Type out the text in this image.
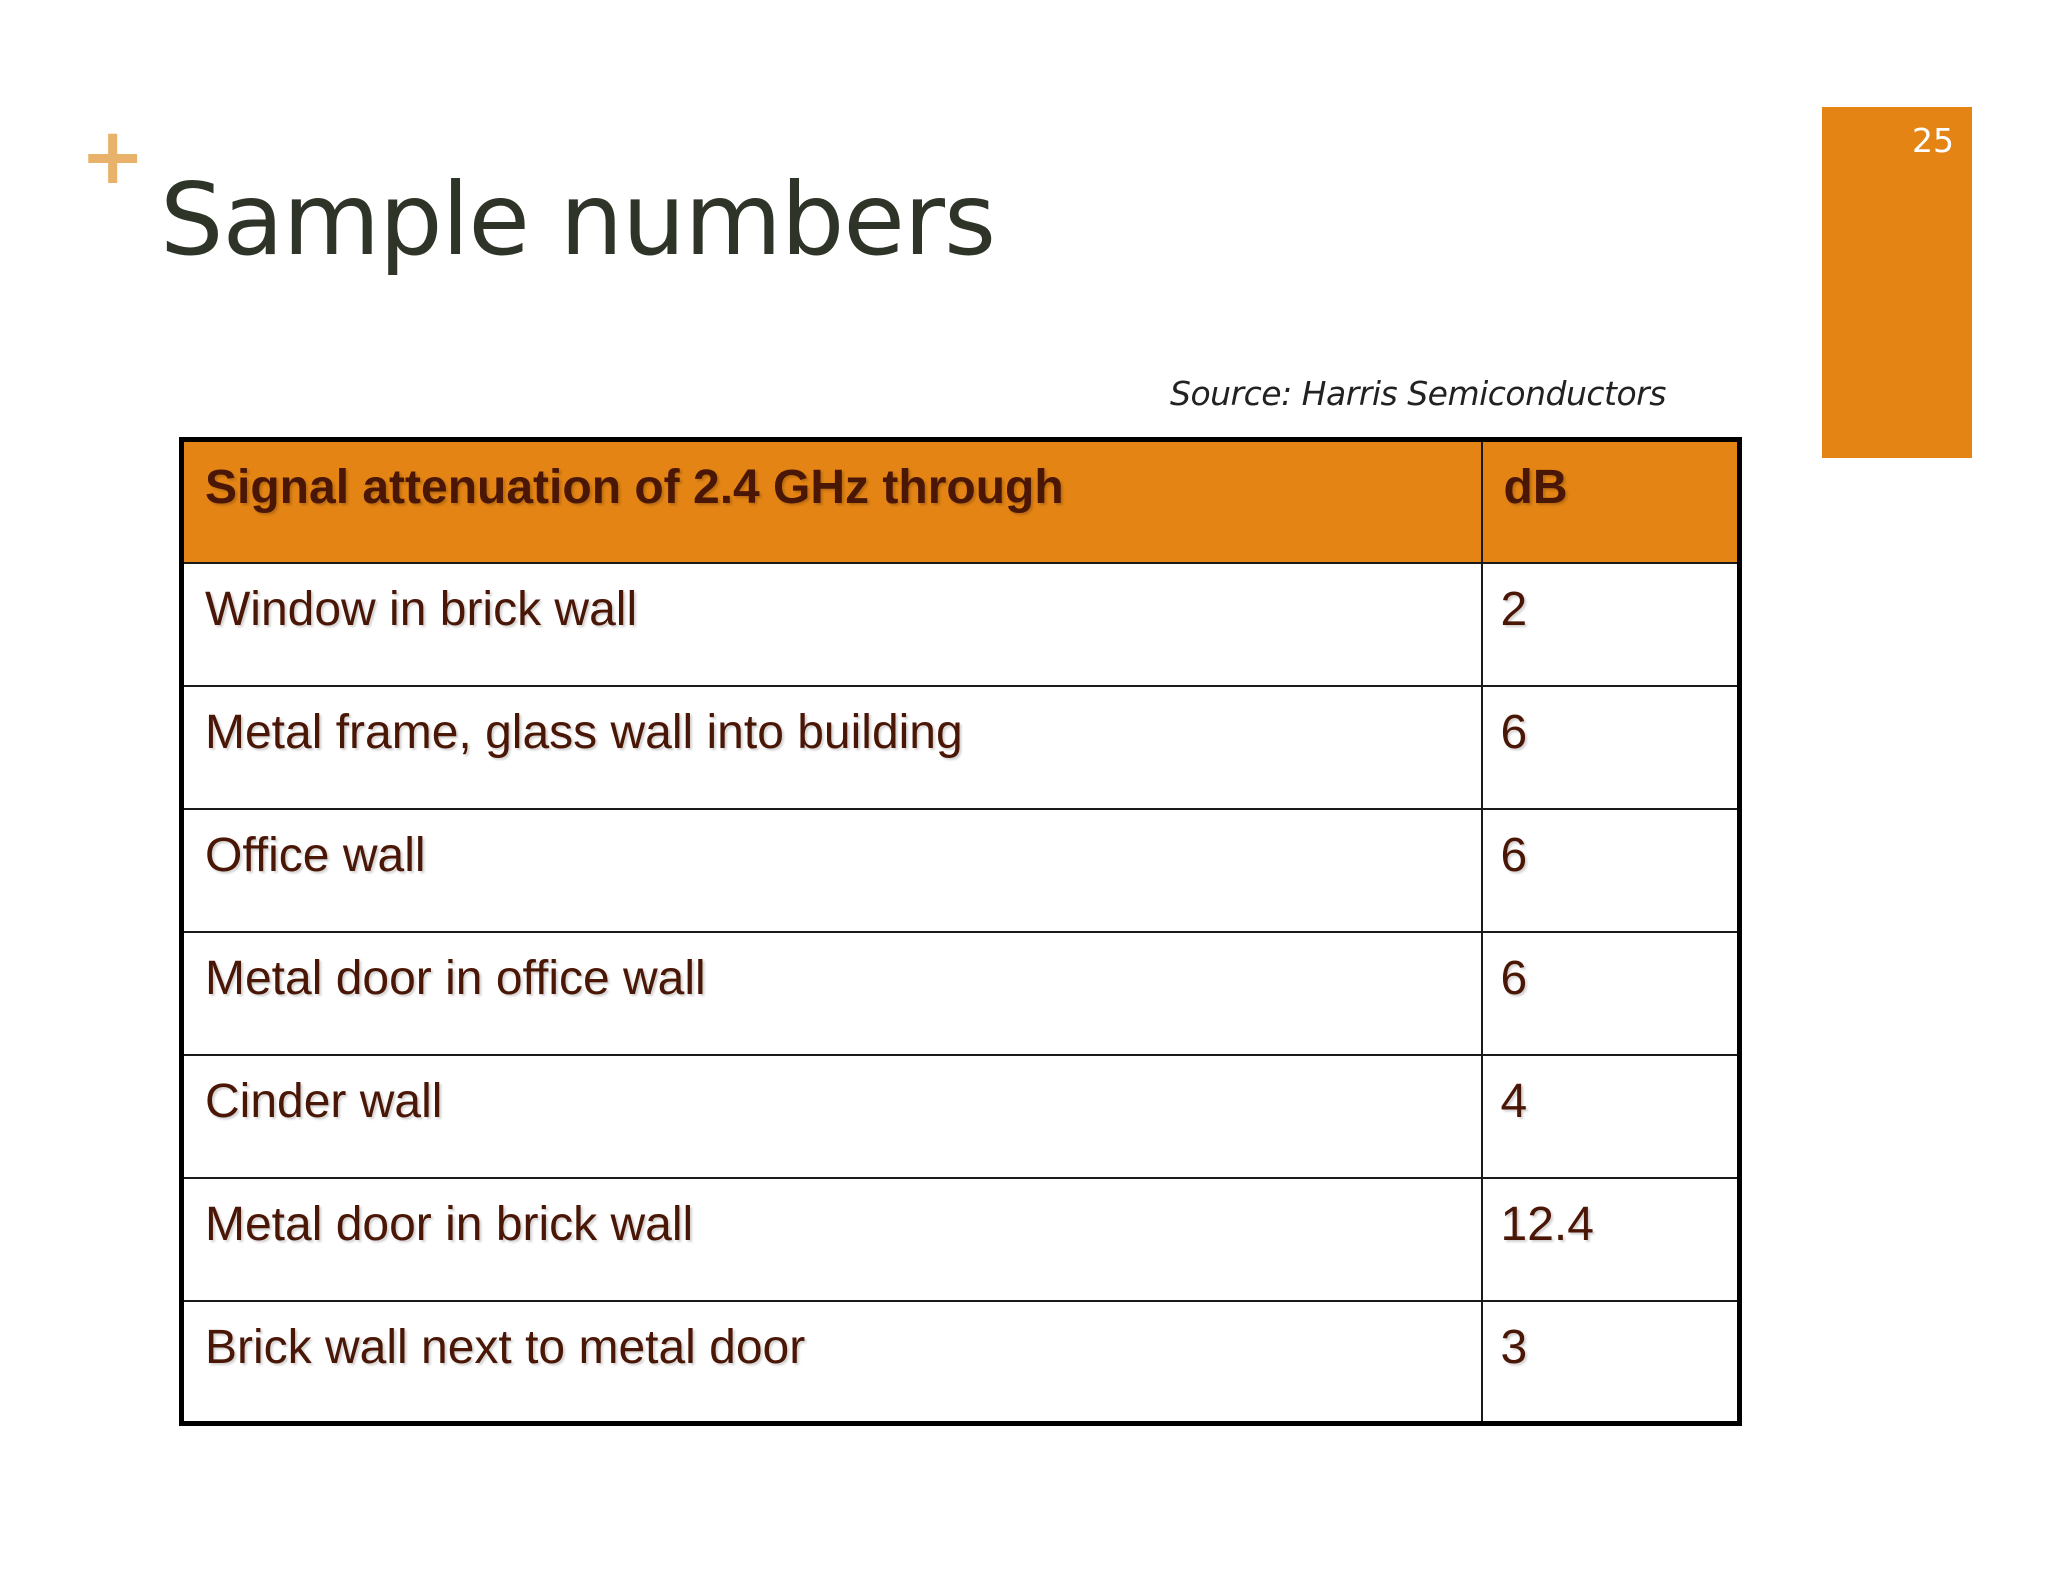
+
Sample numbers
25
Source: Harris Semiconductors
Signal attenuation of 2.4 GHz through	dB
Window in brick wall	2
Metal frame, glass wall into building	6
Office wall	6
Metal door in office wall	6
Cinder wall	4
Metal door in brick wall	12.4
Brick wall next to metal door	3
